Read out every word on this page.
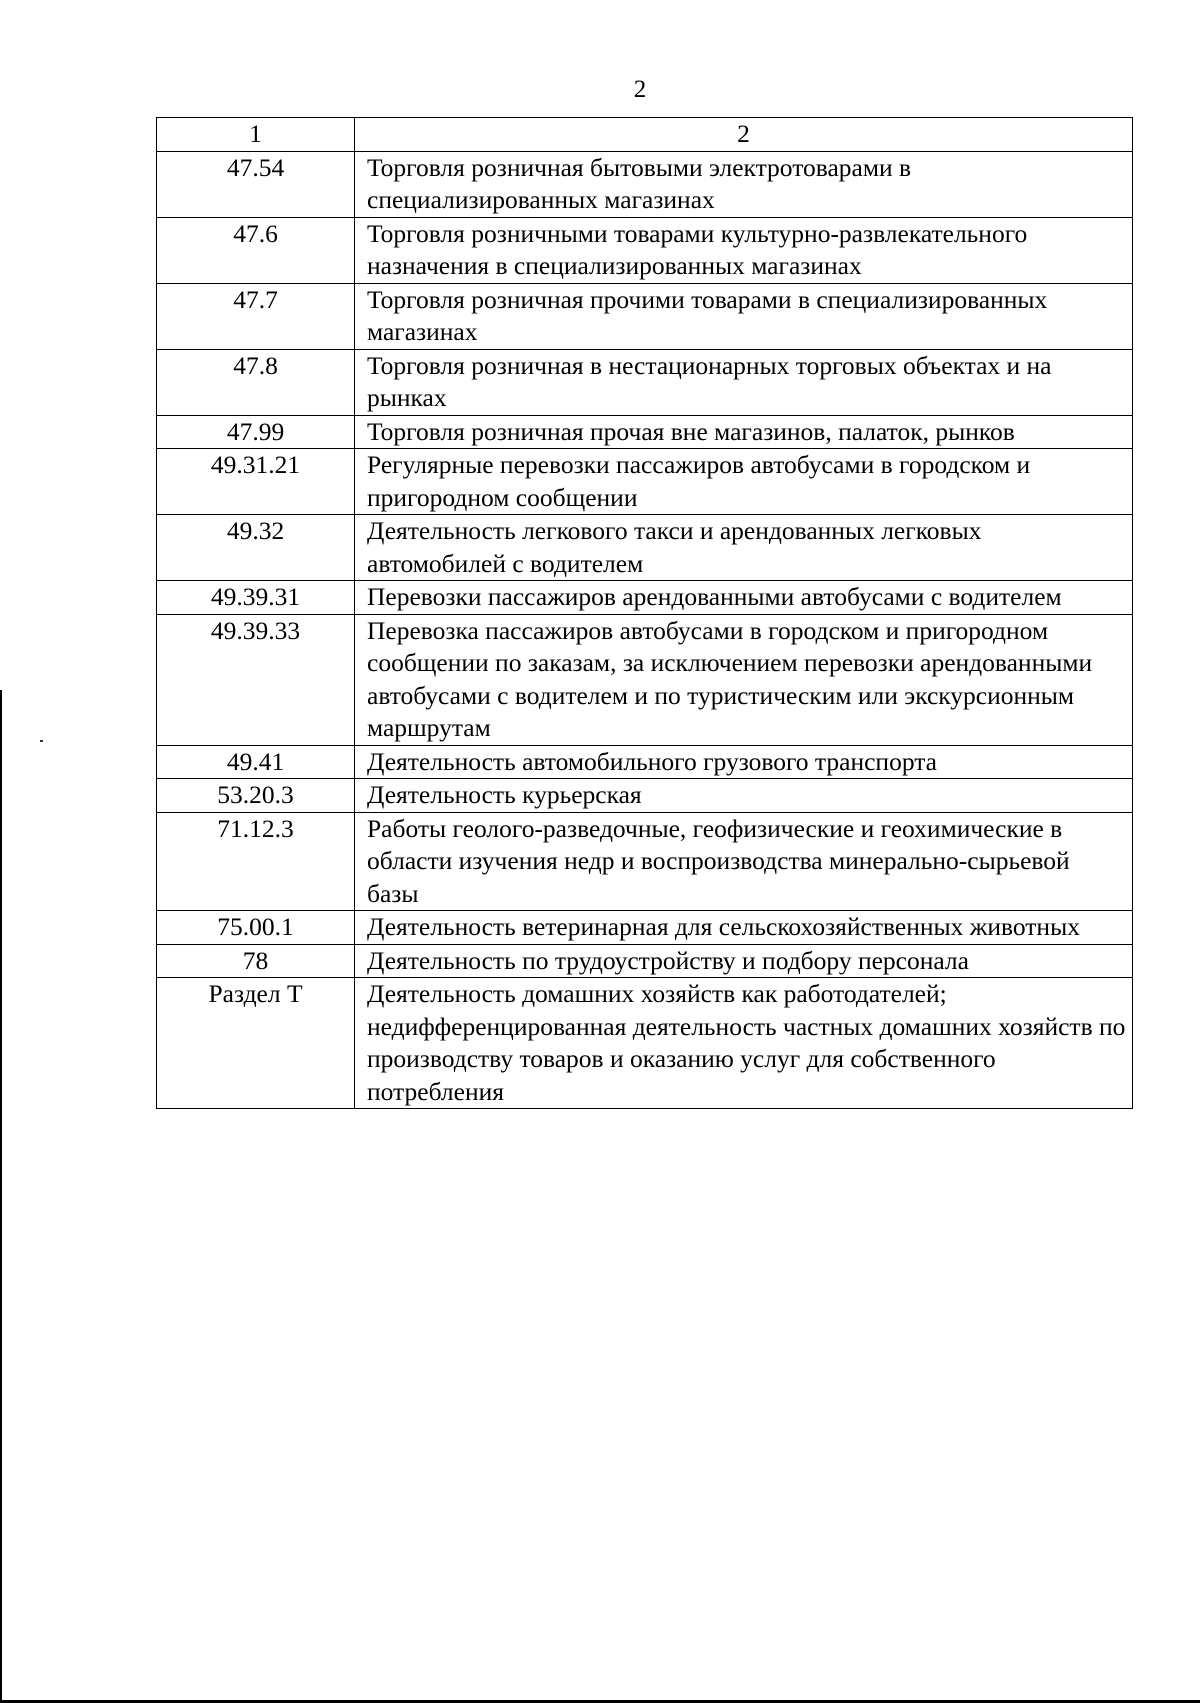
2
1	2
47.54	Торговля розничная бытовыми электротоварами в специализированных магазинах
47.6	Торговля розничными товарами культурно-развлекательного назначения в специализированных магазинах
47.7	Торговля розничная прочими товарами в специализированных магазинах
47.8	Торговля розничная в нестационарных торговых объектах и на рынках
47.99	Торговля розничная прочая вне магазинов, палаток, рынков
49.31.21	Регулярные перевозки пассажиров автобусами в городском и пригородном сообщении
49.32	Деятельность легкового такси и арендованных легковых автомобилей с водителем
49.39.31	Перевозки пассажиров арендованными автобусами с водителем
49.39.33	Перевозка пассажиров автобусами в городском и пригородном сообщении по заказам, за исключением перевозки арендованными автобусами с водителем и по туристическим или экскурсионным маршрутам
49.41	Деятельность автомобильного грузового транспорта
53.20.3	Деятельность курьерская
71.12.3	Работы геолого-разведочные, геофизические и геохимические в области изучения недр и воспроизводства минерально-сырьевой базы
75.00.1	Деятельность ветеринарная для сельскохозяйственных животных
78	Деятельность по трудоустройству и подбору персонала
Раздел T	Деятельность домашних хозяйств как работодателей; недифференцированная деятельность частных домашних хозяйств по производству товаров и оказанию услуг для собственного потребления
